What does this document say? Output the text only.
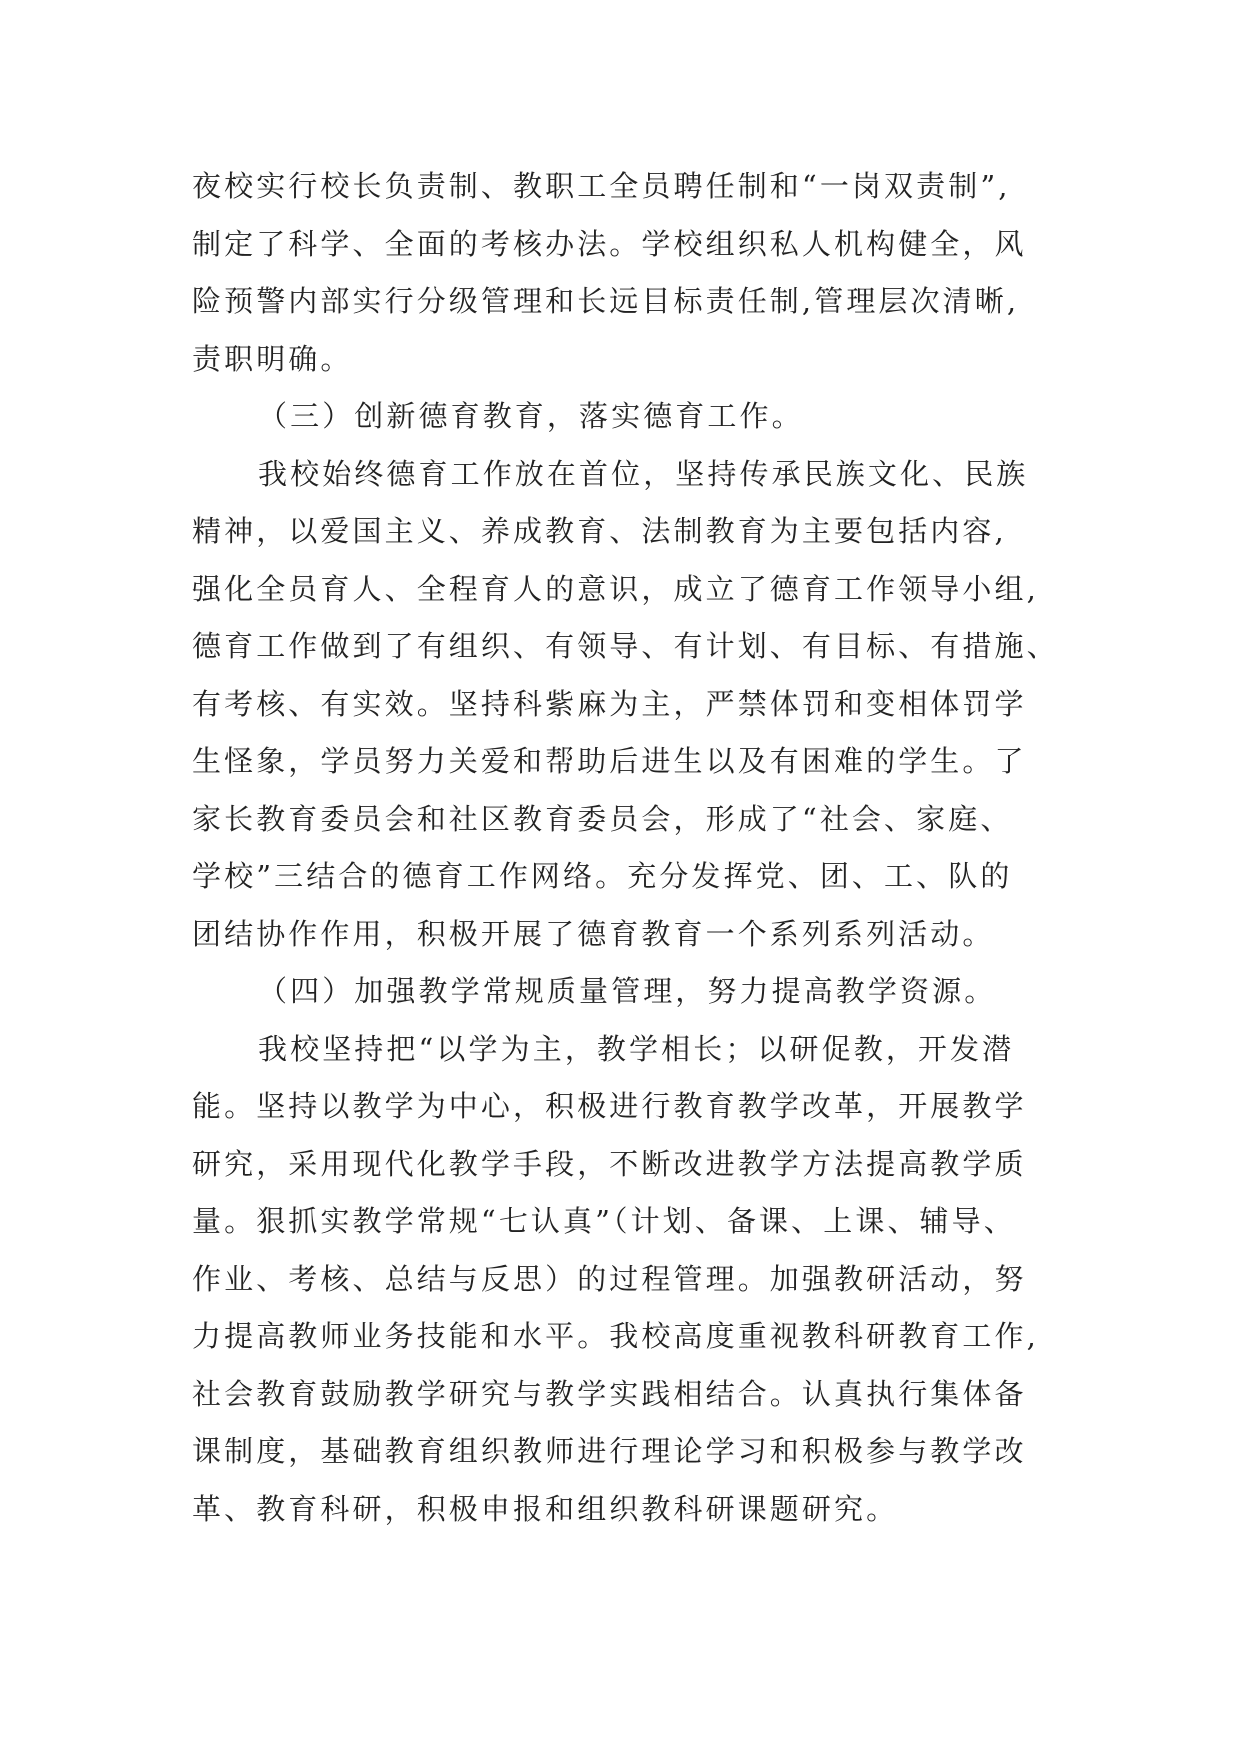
夜校实行校长负责制、教职工全员聘任制和“一岗双责制”,

制定了科学、全面的考核办法。学校组织私人机构健全，风

险预警内部实行分级管理和长远目标责任制,管理层次清晰,

责职明确。

（三）创新德育教育，落实德育工作。

我校始终德育工作放在首位，坚持传承民族文化、民族

精神，以爱国主义、养成教育、法制教育为主要包括内容,

强化全员育人、全程育人的意识，成立了德育工作领导小组,

德育工作做到了有组织、有领导、有计划、有目标、有措施、

有考核、有实效。坚持科紫麻为主，严禁体罚和变相体罚学

生怪象，学员努力关爱和帮助后进生以及有困难的学生。了

家长教育委员会和社区教育委员会，形成了“社会、家庭、

学校”三结合的德育工作网络。充分发挥党、团、工、队的

团结协作作用，积极开展了德育教育一个系列系列活动。

（四）加强教学常规质量管理，努力提高教学资源。

我校坚持把“以学为主，教学相长；以研促教，开发潜

能。坚持以教学为中心，积极进行教育教学改革，开展教学

研究，采用现代化教学手段，不断改进教学方法提高教学质

量。狠抓实教学常规“七认真”（计划、备课、上课、辅导、

作业、考核、总结与反思）的过程管理。加强教研活动，努

力提高教师业务技能和水平。我校高度重视教科研教育工作,

社会教育鼓励教学研究与教学实践相结合。认真执行集体备

课制度，基础教育组织教师进行理论学习和积极参与教学改

革、教育科研，积极申报和组织教科研课题研究。
